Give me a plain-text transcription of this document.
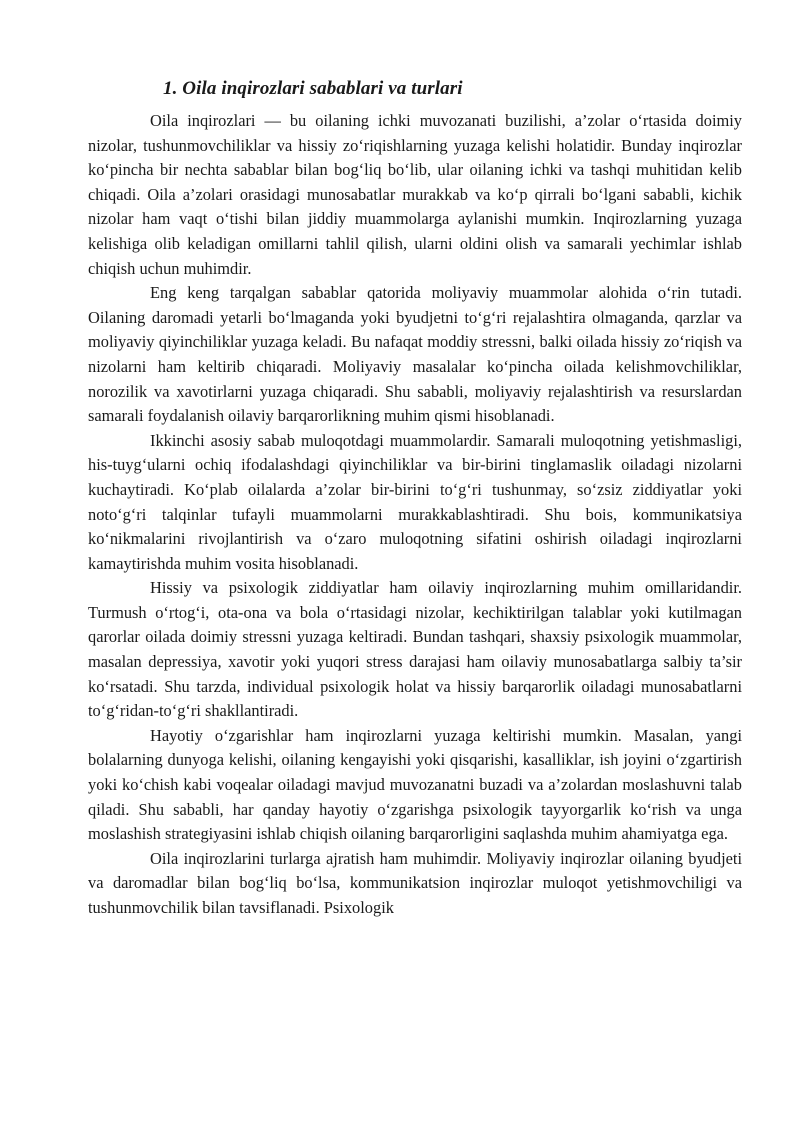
1. Oila inqirozlari sabablari va turlari

Oila inqirozlari — bu oilaning ichki muvozanati buzilishi, a’zolar o‘rtasida doimiy nizolar, tushunmovchiliklar va hissiy zo‘riqishlarning yuzaga kelishi holatidir. Bunday inqirozlar ko‘pincha bir nechta sabablar bilan bog‘liq bo‘lib, ular oilaning ichki va tashqi muhitidan kelib chiqadi. Oila a’zolari orasidagi munosabatlar murakkab va ko‘p qirrali bo‘lgani sababli, kichik nizolar ham vaqt o‘tishi bilan jiddiy muammolarga aylanishi mumkin. Inqirozlarning yuzaga kelishiga olib keladigan omillarni tahlil qilish, ularni oldini olish va samarali yechimlar ishlab chiqish uchun muhimdir.

Eng keng tarqalgan sabablar qatorida moliyaviy muammolar alohida o‘rin tutadi. Oilaning daromadi yetarli bo‘lmaganda yoki byudjetni to‘g‘ri rejalashtira olmaganda, qarzlar va moliyaviy qiyinchiliklar yuzaga keladi. Bu nafaqat moddiy stressni, balki oilada hissiy zo‘riqish va nizolarni ham keltirib chiqaradi. Moliyaviy masalalar ko‘pincha oilada kelishmovchiliklar, norozilik va xavotirlarni yuzaga chiqaradi. Shu sababli, moliyaviy rejalashtirish va resurslardan samarali foydalanish oilaviy barqarorlikning muhim qismi hisoblanadi.

Ikkinchi asosiy sabab muloqotdagi muammolardir. Samarali muloqotning yetishmasligi, his-tuyg‘ularni ochiq ifodalashdagi qiyinchiliklar va bir-birini tinglamaslik oiladagi nizolarni kuchaytiradi. Ko‘plab oilalarda a’zolar bir-birini to‘g‘ri tushunmay, so‘zsiz ziddiyatlar yoki noto‘g‘ri talqinlar tufayli muammolarni murakkablashtiradi. Shu bois, kommunikatsiya ko‘nikmalarini rivojlantirish va o‘zaro muloqotning sifatini oshirish oiladagi inqirozlarni kamaytirishda muhim vosita hisoblanadi.

Hissiy va psixologik ziddiyatlar ham oilaviy inqirozlarning muhim omillaridandir. Turmush o‘rtog‘i, ota-ona va bola o‘rtasidagi nizolar, kechiktirilgan talablar yoki kutilmagan qarorlar oilada doimiy stressni yuzaga keltiradi. Bundan tashqari, shaxsiy psixologik muammolar, masalan depressiya, xavotir yoki yuqori stress darajasi ham oilaviy munosabatlarga salbiy ta’sir ko‘rsatadi. Shu tarzda, individual psixologik holat va hissiy barqarorlik oiladagi munosabatlarni to‘g‘ridan-to‘g‘ri shakllantiradi.

Hayotiy o‘zgarishlar ham inqirozlarni yuzaga keltirishi mumkin. Masalan, yangi bolalarning dunyoga kelishi, oilaning kengayishi yoki qisqarishi, kasalliklar, ish joyini o‘zgartirish yoki ko‘chish kabi voqealar oiladagi mavjud muvozanatni buzadi va a’zolardan moslashuvni talab qiladi. Shu sababli, har qanday hayotiy o‘zgarishga psixologik tayyorgarlik ko‘rish va unga moslashish strategiyasini ishlab chiqish oilaning barqarorligini saqlashda muhim ahamiyatga ega.

Oila inqirozlarini turlarga ajratish ham muhimdir. Moliyaviy inqirozlar oilaning byudjeti va daromadlar bilan bog‘liq bo‘lsa, kommunikatsion inqirozlar muloqot yetishmovchiligi va tushunmovchilik bilan tavsiflanadi. Psixologik
